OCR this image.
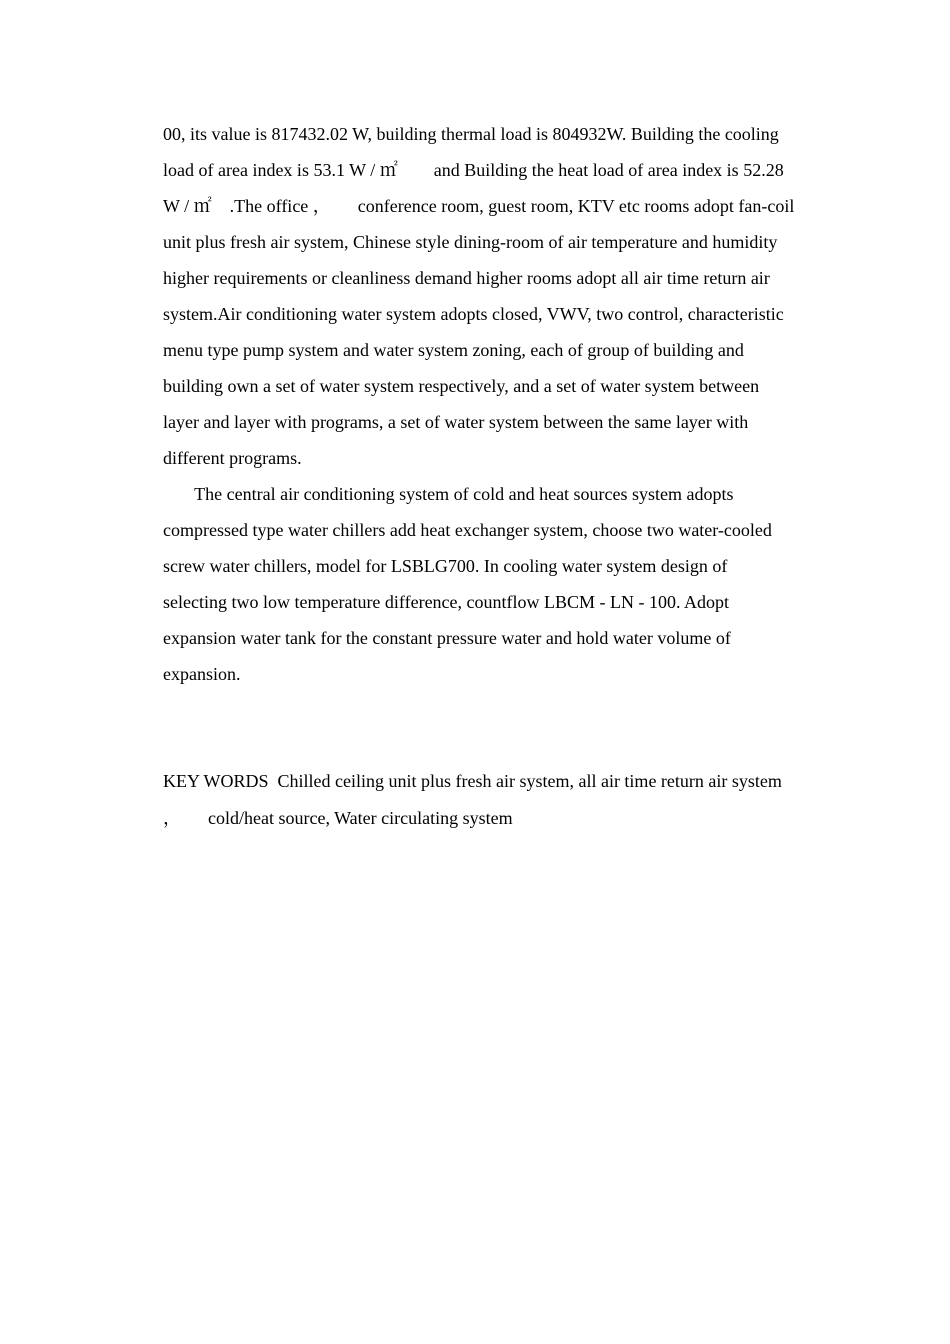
00, its value is 817432.02 W, building thermal load is 804932W. Building the cooling
load of area index is 53.1 W / ㎡        and Building the heat load of area index is 52.28
W / ㎡    .The office ，      conference room, guest room, KTV etc rooms adopt fan-coil
unit plus fresh air system, Chinese style dining-room of air temperature and humidity
higher requirements or cleanliness demand higher rooms adopt all air time return air
system.Air conditioning water system adopts closed, VWV, two control, characteristic
menu type pump system and water system zoning, each of group of building and
building own a set of water system respectively, and a set of water system between
layer and layer with programs, a set of water system between the same layer with
different programs.
The central air conditioning system of cold and heat sources system adopts
compressed type water chillers add heat exchanger system, choose two water-cooled
screw water chillers, model for LSBLG700. In cooling water system design of
selecting two low temperature difference, countflow LBCM - LN - 100. Adopt
expansion water tank for the constant pressure water and hold water volume of
expansion.
KEY WORDS  Chilled ceiling unit plus fresh air system, all air time return air system
，      cold/heat source, Water circulating system
